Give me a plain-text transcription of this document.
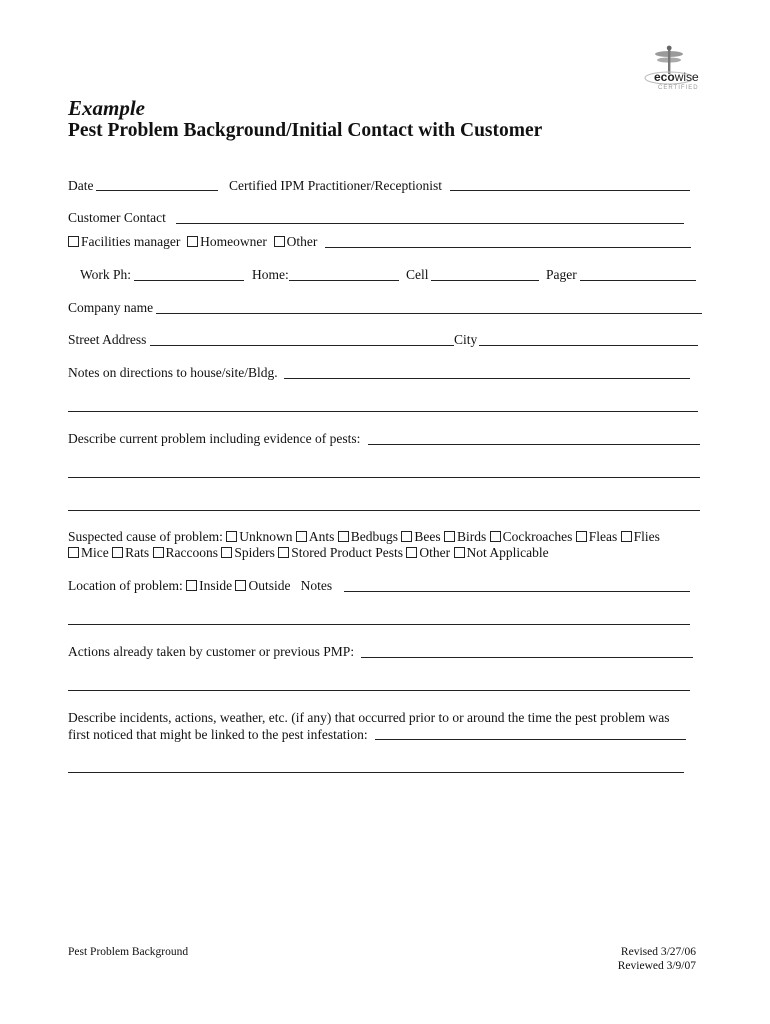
ecowise
CERTIFIED
Example
Pest Problem Background/Initial Contact with Customer
Date	Certified IPM Practitioner/Receptionist
Customer Contact
Facilities manager Homeowner Other
Work Ph:	Home:	Cell	Pager
Company name
Street Address	City
Notes on directions to house/site/Bldg.
Describe current problem including evidence of pests:
Suspected cause of problem: Unknown Ants Bedbugs Bees Birds Cockroaches Fleas Flies
Mice Rats Raccoons Spiders Stored Product Pests Other Not Applicable
Location of problem: Inside Outside Notes
Actions already taken by customer or previous PMP:
Describe incidents, actions, weather, etc. (if any) that occurred prior to or around the time the pest problem was
first noticed that might be linked to the pest infestation:
Pest Problem Background	Revised 3/27/06
Reviewed 3/9/07
